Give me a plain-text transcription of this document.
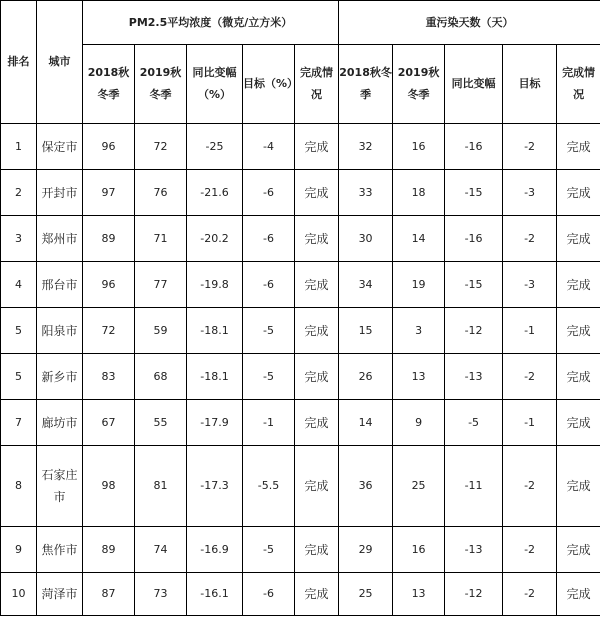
排名	城市	PM2.5平均浓度（微克/立方米）					重污染天数（天）				
		2018秋冬季	2019秋冬季	同比变幅（%）	目标（%）	完成情况	2018秋冬季	2019秋冬季	同比变幅	目标	完成情况
1	保定市	96	72	-25	-4	完成	32	16	-16	-2	完成
2	开封市	97	76	-21.6	-6	完成	33	18	-15	-3	完成
3	郑州市	89	71	-20.2	-6	完成	30	14	-16	-2	完成
4	邢台市	96	77	-19.8	-6	完成	34	19	-15	-3	完成
5	阳泉市	72	59	-18.1	-5	完成	15	3	-12	-1	完成
5	新乡市	83	68	-18.1	-5	完成	26	13	-13	-2	完成
7	廊坊市	67	55	-17.9	-1	完成	14	9	-5	-1	完成
8	石家庄市	98	81	-17.3	-5.5	完成	36	25	-11	-2	完成
9	焦作市	89	74	-16.9	-5	完成	29	16	-13	-2	完成
10	菏泽市	87	73	-16.1	-6	完成	25	13	-12	-2	完成
